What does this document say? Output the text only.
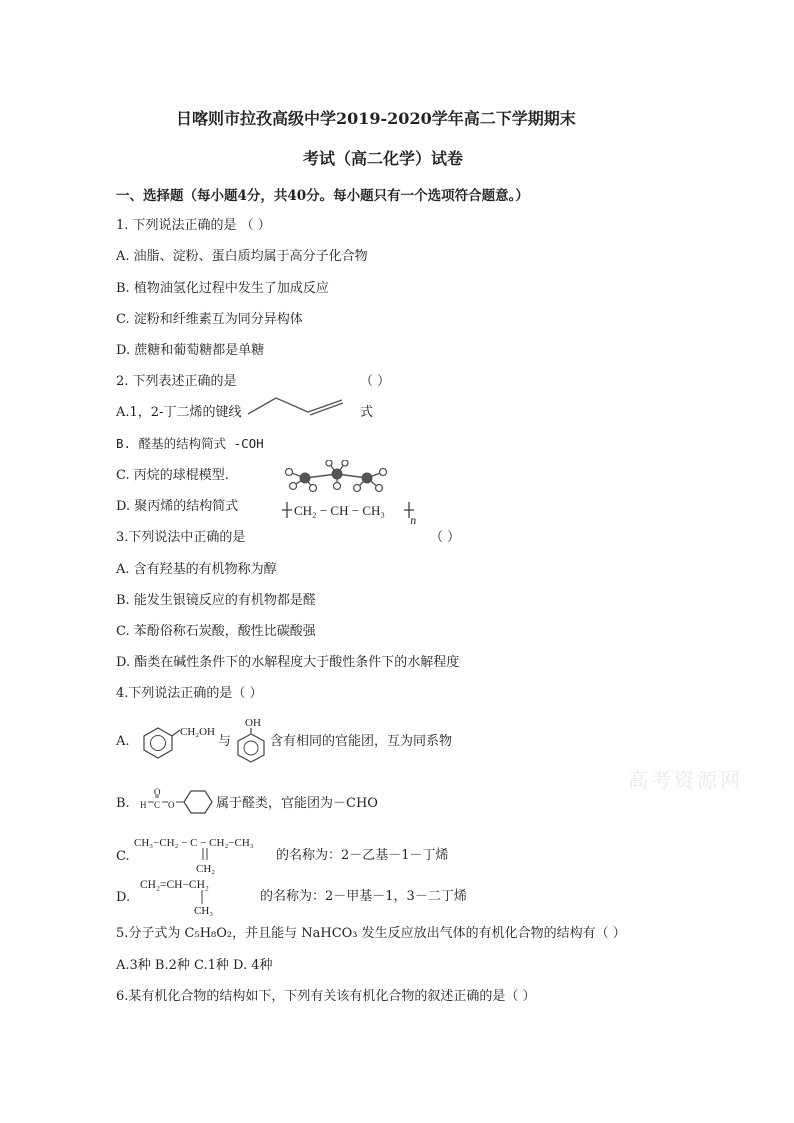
日喀则市拉孜高级中学2019-2020学年高二下学期期末
考试（高二化学）试卷
一、选择题（每小题4分，共40分。每小题只有一个选项符合题意。）
1. 下列说法正确的是 （ ）
A. 油脂、淀粉、蛋白质均属于高分子化合物
B. 植物油氢化过程中发生了加成反应
C. 淀粉和纤维素互为同分异构体
D. 蔗糖和葡萄糖都是单糖
2. 下列表述正确的是	（ ）
A.1，2-丁二烯的键线	式
B. 醛基的结构简式 -COH
C. 丙烷的球棍模型.
D. 聚丙烯的结构简式	CH₂ − CH − CH₃
n
3.下列说法中正确的是	（ ）
A. 含有羟基的有机物称为醇
B. 能发生银镜反应的有机物都是醛
C. 苯酚俗称石炭酸，酸性比碳酸强
D. 酯类在碱性条件下的水解程度大于酸性条件下的水解程度
4.下列说法正确的是（ ）
A.
CH₂OH
与
OH
含有相同的官能团，互为同系物
B. H C
O
O	属于醛类，官能团为－CHO
CH₃−CH₂ − C − CH₂−CH₃
CH₂
C.	的名称为：2－乙基－1－丁烯
CH₂=CH−CH₂
CH₃
D.	的名称为：2－甲基－1，3－二丁烯
5.分子式为 C₅H₈O₂，并且能与 NaHCO₃ 发生反应放出气体的有机化合物的结构有（ ）
A.3种 B.2种 C.1种 D. 4种
6.某有机化合物的结构如下，下列有关该有机化合物的叙述正确的是（ ）
高考资源网
